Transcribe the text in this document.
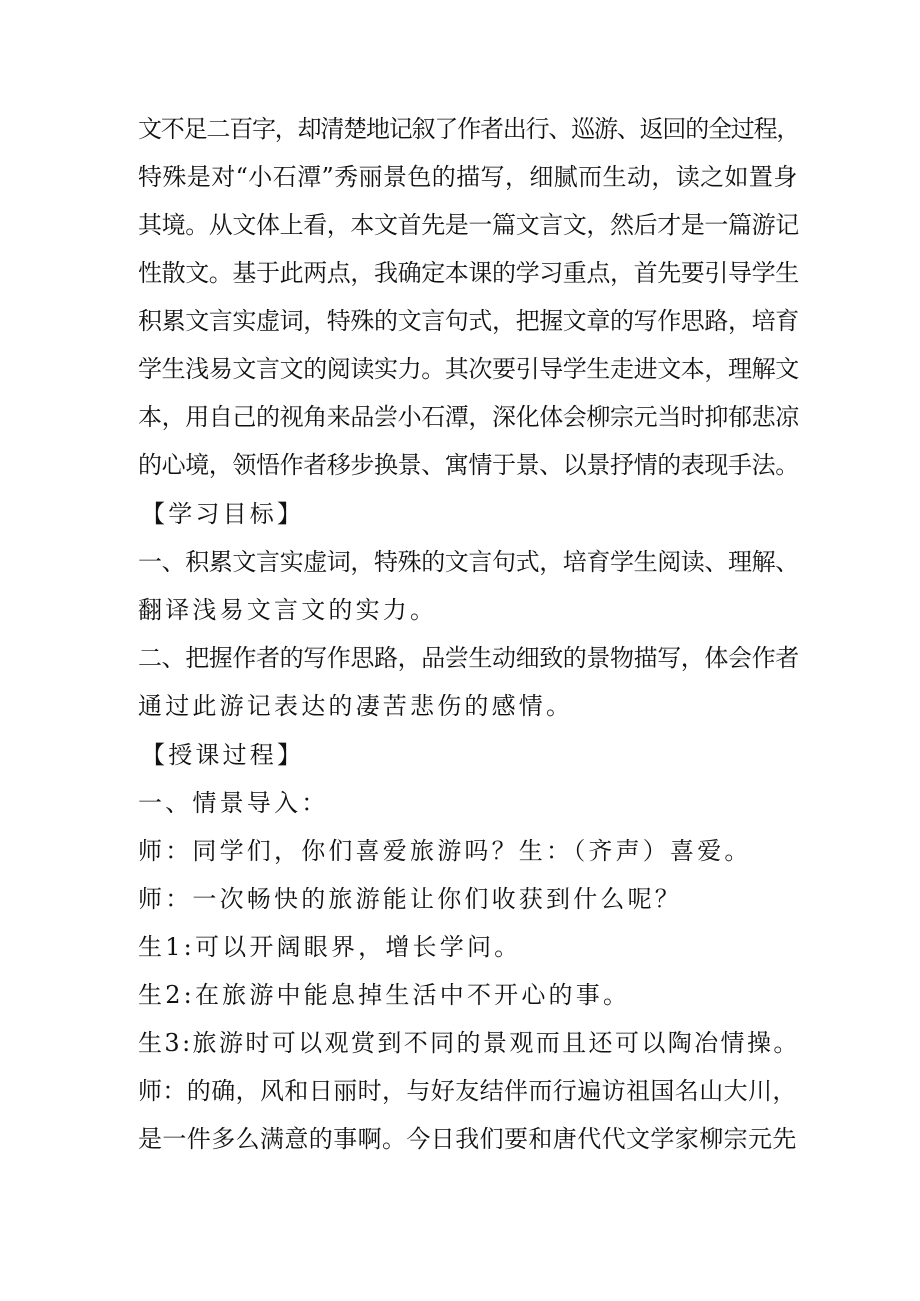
文不足二百字，却清楚地记叙了作者出行、巡游、返回的全过程，
特殊是对“小石潭”秀丽景色的描写，细腻而生动，读之如置身
其境。从文体上看，本文首先是一篇文言文，然后才是一篇游记
性散文。基于此两点，我确定本课的学习重点，首先要引导学生
积累文言实虚词，特殊的文言句式，把握文章的写作思路，培育
学生浅易文言文的阅读实力。其次要引导学生走进文本，理解文
本，用自己的视角来品尝小石潭，深化体会柳宗元当时抑郁悲凉
的心境，领悟作者移步换景、寓情于景、以景抒情的表现手法。
【学习目标】
一、积累文言实虚词，特殊的文言句式，培育学生阅读、理解、
翻译浅易文言文的实力。
二、把握作者的写作思路，品尝生动细致的景物描写，体会作者
通过此游记表达的凄苦悲伤的感情。
【授课过程】
一、情景导入：
师：同学们，你们喜爱旅游吗？生：（齐声）喜爱。
师：一次畅快的旅游能让你们收获到什么呢？
生1:可以开阔眼界，增长学问。
生2:在旅游中能息掉生活中不开心的事。
生3:旅游时可以观赏到不同的景观而且还可以陶冶情操。
师：的确，风和日丽时，与好友结伴而行遍访祖国名山大川，
是一件多么满意的事啊。今日我们要和唐代代文学家柳宗元先
